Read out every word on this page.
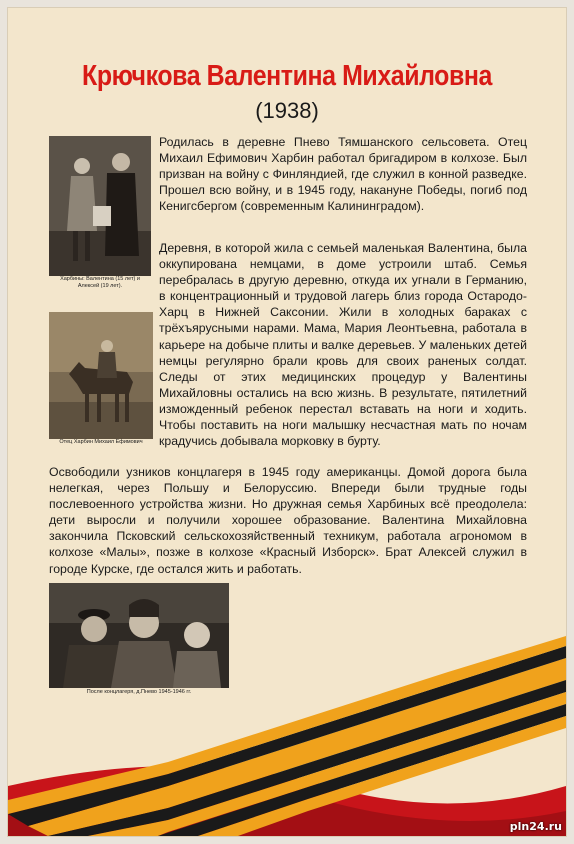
Крючкова Валентина Михайловна
(1938)
Харбины: Валентина (15 лет) и Алексей (19 лет).
Отец Харбин Михаил Ефимович
После концлагеря, д.Пнево 1945-1946 гг.

Родилась в деревне Пнево Тямшанского сельсовета. Отец Михаил Ефимович Харбин работал бригадиром в колхозе. Был призван на войну с Финляндией, где служил в конной разведке. Прошел всю войну, и в 1945 году, накануне Победы, погиб под Кенигсбергом (современным Калининградом).

Деревня, в которой жила с семьей маленькая Валентина, была оккупирована немцами, в доме устроили штаб. Семья перебралась в другую деревню, откуда их угнали в Германию, в концентрационный и трудовой лагерь близ города Остародо-Харц в Нижней Саксонии. Жили в холодных бараках с трёхъярусными нарами. Мама, Мария Леонтьевна, работала в карьере на добыче плиты и валке деревьев. У маленьких детей немцы регулярно брали кровь для своих раненых солдат. Следы от этих медицинских процедур у Валентины Михайловны остались на всю жизнь. В результате, пятилетний изможденный ребенок перестал вставать на ноги и ходить. Чтобы поставить на ноги малышку несчастная мать по ночам крадучись добывала морковку в бурту.

Освободили узников концлагеря в 1945 году американцы. Домой дорога была нелегкая, через Польшу и Белоруссию. Впереди были трудные годы послевоенного устройства жизни. Но дружная семья Харбиных всё преодолела: дети выросли и получили хорошее образование. Валентина Михайловна закончила Псковский сельскохозяйственный техникум, работала агрономом в колхозе «Малы», позже в колхозе «Красный Изборск». Брат Алексей служил в городе Курске, где остался жить и работать.

pln24.ru
